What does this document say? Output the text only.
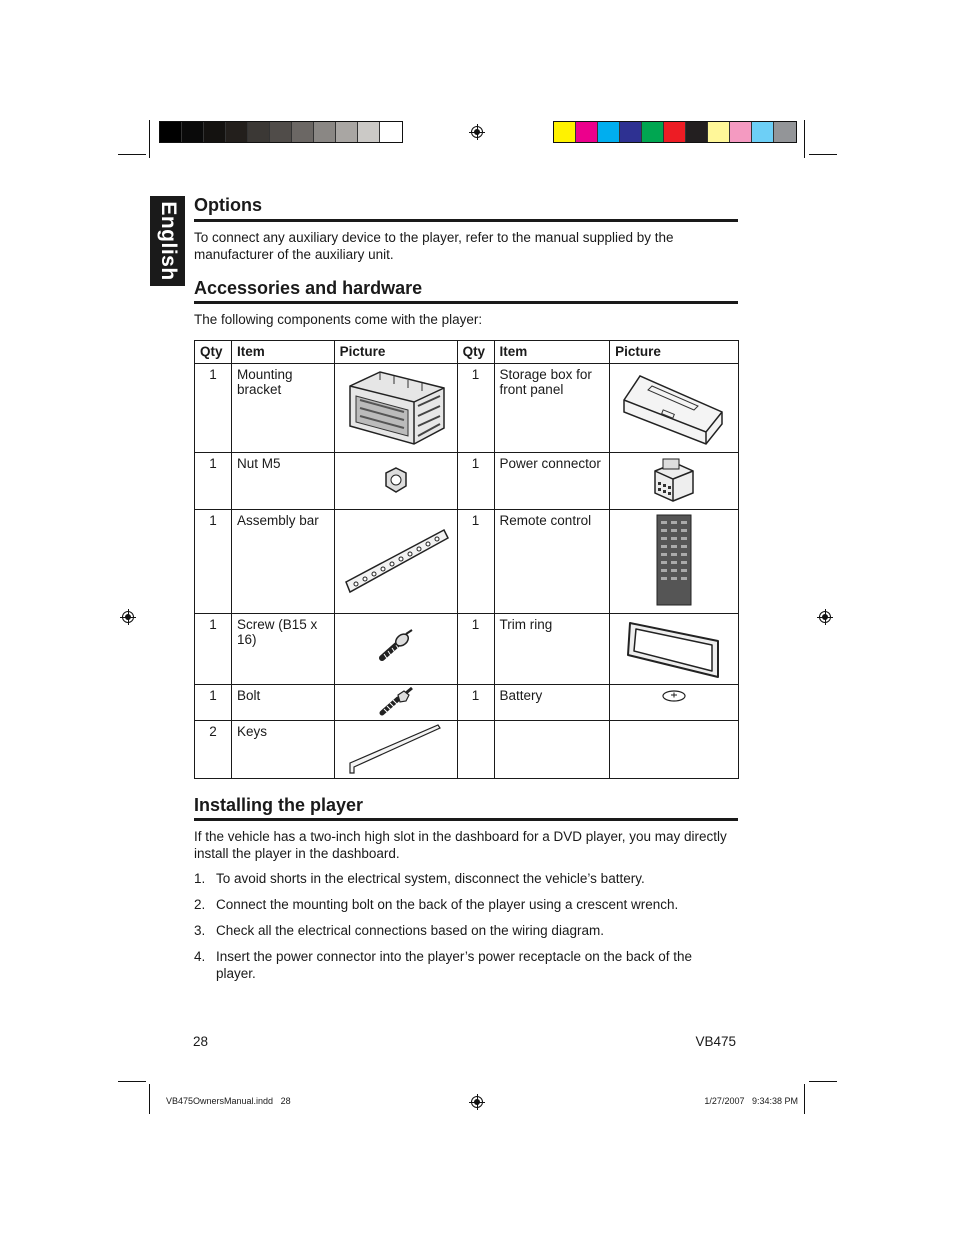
English Options

To connect any auxiliary device to the player, refer to the manual supplied by the manufacturer of the auxiliary unit.

Accessories and hardware

The following components come with the player:

Qty	Item	Picture	Qty	Item	Picture
1	Mounting bracket		1	Storage box for front panel	
1	Nut M5		1	Power connector	
1	Assembly bar		1	Remote control	
1	Screw (B15 x 16)		1	Trim ring	
1	Bolt		1	Battery	
2	Keys				
Installing the player

If the vehicle has a two-inch high slot in the dashboard for a DVD player, you may directly install the player in the dashboard.

1. To avoid shorts in the electrical system, disconnect the vehicle’s battery.
2. Connect the mounting bolt on the back of the player using a crescent wrench.
3. Check all the electrical connections based on the wiring diagram.
4. Insert the power connector into the player’s power receptacle on the back of the player.
28	VB475
VB475OwnersManual.indd   28	1/27/2007   9:34:38 PM
